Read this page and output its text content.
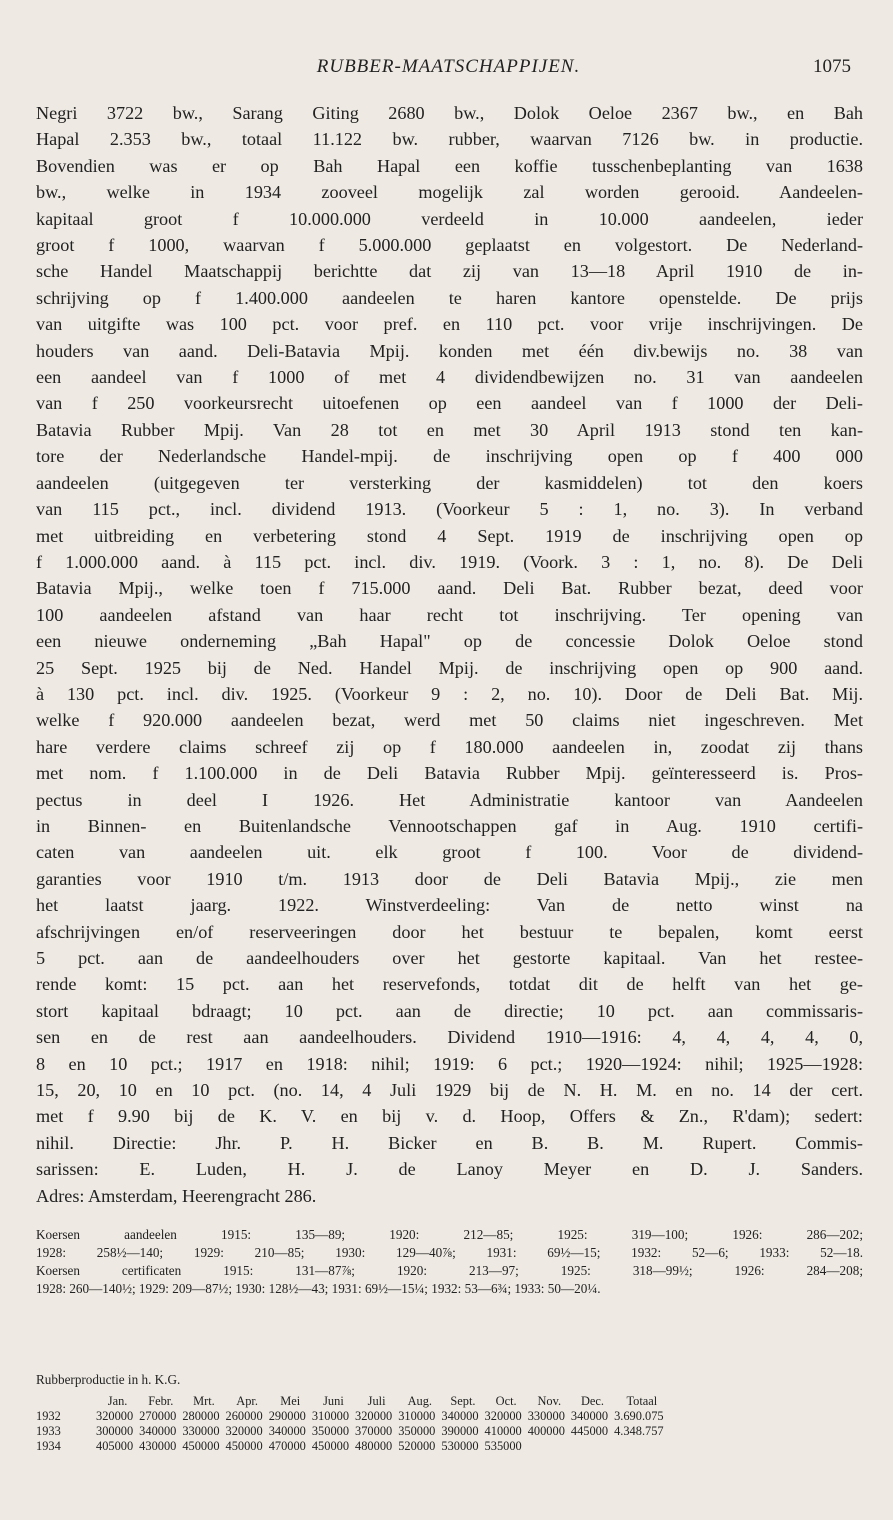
RUBBER-MAATSCHAPPIJEN.	1075

Negri 3722 bw., Sarang Giting 2680 bw., Dolok Oeloe 2367 bw., en Bah
Hapal 2.353 bw., totaal 11.122 bw. rubber, waarvan 7126 bw. in productie.
Bovendien was er op Bah Hapal een koffie tusschenbeplanting van 1638
bw., welke in 1934 zooveel mogelijk zal worden gerooid. Aandeelen-
kapitaal groot f 10.000.000 verdeeld in 10.000 aandeelen, ieder
groot f 1000, waarvan f 5.000.000 geplaatst en volgestort. De Nederland-
sche Handel Maatschappij berichtte dat zij van 13—18 April 1910 de in-
schrijving op f 1.400.000 aandeelen te haren kantore openstelde. De prijs
van uitgifte was 100 pct. voor pref. en 110 pct. voor vrije inschrijvingen. De
houders van aand. Deli-Batavia Mpij. konden met één div.bewijs no. 38 van
een aandeel van f 1000 of met 4 dividendbewijzen no. 31 van aandeelen
van f 250 voorkeursrecht uitoefenen op een aandeel van f 1000 der Deli-
Batavia Rubber Mpij. Van 28 tot en met 30 April 1913 stond ten kan-
tore der Nederlandsche Handel-mpij. de inschrijving open op f 400 000
aandeelen (uitgegeven ter versterking der kasmiddelen) tot den koers
van 115 pct., incl. dividend 1913. (Voorkeur 5 : 1, no. 3). In verband
met uitbreiding en verbetering stond 4 Sept. 1919 de inschrijving open op
f 1.000.000 aand. à 115 pct. incl. div. 1919. (Voork. 3 : 1, no. 8). De Deli
Batavia Mpij., welke toen f 715.000 aand. Deli Bat. Rubber bezat, deed voor
100 aandeelen afstand van haar recht tot inschrijving. Ter opening van
een nieuwe onderneming „Bah Hapal" op de concessie Dolok Oeloe stond
25 Sept. 1925 bij de Ned. Handel Mpij. de inschrijving open op 900 aand.
à 130 pct. incl. div. 1925. (Voorkeur 9 : 2, no. 10). Door de Deli Bat. Mij.
welke f 920.000 aandeelen bezat, werd met 50 claims niet ingeschreven. Met
hare verdere claims schreef zij op f 180.000 aandeelen in, zoodat zij thans
met nom. f 1.100.000 in de Deli Batavia Rubber Mpij. geïnteresseerd is. Pros-
pectus in deel I 1926. Het Administratie kantoor van Aandeelen
in Binnen- en Buitenlandsche Vennootschappen gaf in Aug. 1910 certifi-
caten van aandeelen uit. elk groot f 100. Voor de dividend-
garanties voor 1910 t/m. 1913 door de Deli Batavia Mpij., zie men
het laatst jaarg. 1922. Winstverdeeling: Van de netto winst na
afschrijvingen en/of reserveeringen door het bestuur te bepalen, komt eerst
5 pct. aan de aandeelhouders over het gestorte kapitaal. Van het restee-
rende komt: 15 pct. aan het reservefonds, totdat dit de helft van het ge-
stort kapitaal bdraagt; 10 pct. aan de directie; 10 pct. aan commissaris-
sen en de rest aan aandeelhouders. Dividend 1910—1916: 4, 4, 4, 4, 0,
8 en 10 pct.; 1917 en 1918: nihil; 1919: 6 pct.; 1920—1924: nihil; 1925—1928:
15, 20, 10 en 10 pct. (no. 14, 4 Juli 1929 bij de N. H. M. en no. 14 der cert.
met f 9.90 bij de K. V. en bij v. d. Hoop, Offers & Zn., R'dam); sedert:
nihil. Directie: Jhr. P. H. Bicker en B. B. M. Rupert. Commis-
sarissen: E. Luden, H. J. de Lanoy Meyer en D. J. Sanders.
Adres: Amsterdam, Heerengracht 286.

Koersen aandeelen 1915: 135—89; 1920: 212—85; 1925: 319—100; 1926: 286—202;
1928: 258½—140; 1929: 210—85; 1930: 129—40⅞; 1931: 69½—15; 1932: 52—6; 1933: 52—18.
Koersen certificaten 1915: 131—87⅞; 1920: 213—97; 1925: 318—99½; 1926: 284—208;
1928: 260—140½; 1929: 209—87½; 1930: 128½—43; 1931: 69½—15¼; 1932: 53—6¾; 1933: 50—20¼.
Rubberproductie in h. K.G.
	Jan.	Febr.	Mrt.	Apr.	Mei	Juni	Juli	Aug.	Sept.	Oct.	Nov.	Dec.	Totaal
1932	320000	270000	280000	260000	290000	310000	320000	310000	340000	320000	330000	340000	3.690.075
1933	300000	340000	330000	320000	340000	350000	370000	350000	390000	410000	400000	445000	4.348.757
1934	405000	430000	450000	450000	470000	450000	480000	520000	530000	535000			
